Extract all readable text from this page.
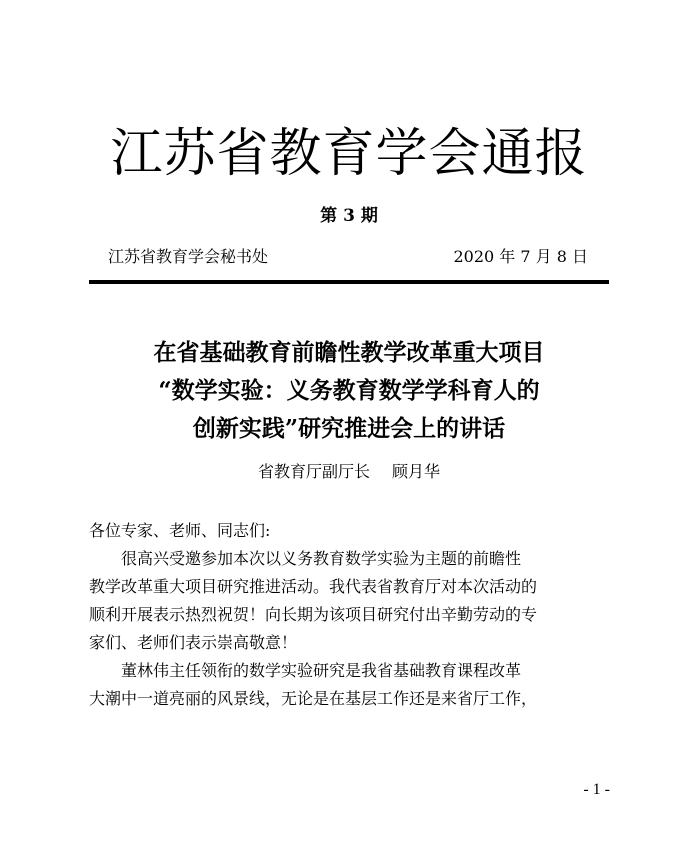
江苏省教育学会通报
第 3 期
江苏省教育学会秘书处	2020 年 7 月 8 日
在省基础教育前瞻性教学改革重大项目
“数学实验：义务教育数学学科育人的
创新实践”研究推进会上的讲话
省教育厅副厅长 顾月华
各位专家、老师、同志们:
很高兴受邀参加本次以义务教育数学实验为主题的前瞻性
教学改革重大项目研究推进活动。我代表省教育厅对本次活动的
顺利开展表示热烈祝贺！向长期为该项目研究付出辛勤劳动的专
家们、老师们表示崇高敬意！
董林伟主任领衔的数学实验研究是我省基础教育课程改革
大潮中一道亮丽的风景线，无论是在基层工作还是来省厅工作，
- 1 -
